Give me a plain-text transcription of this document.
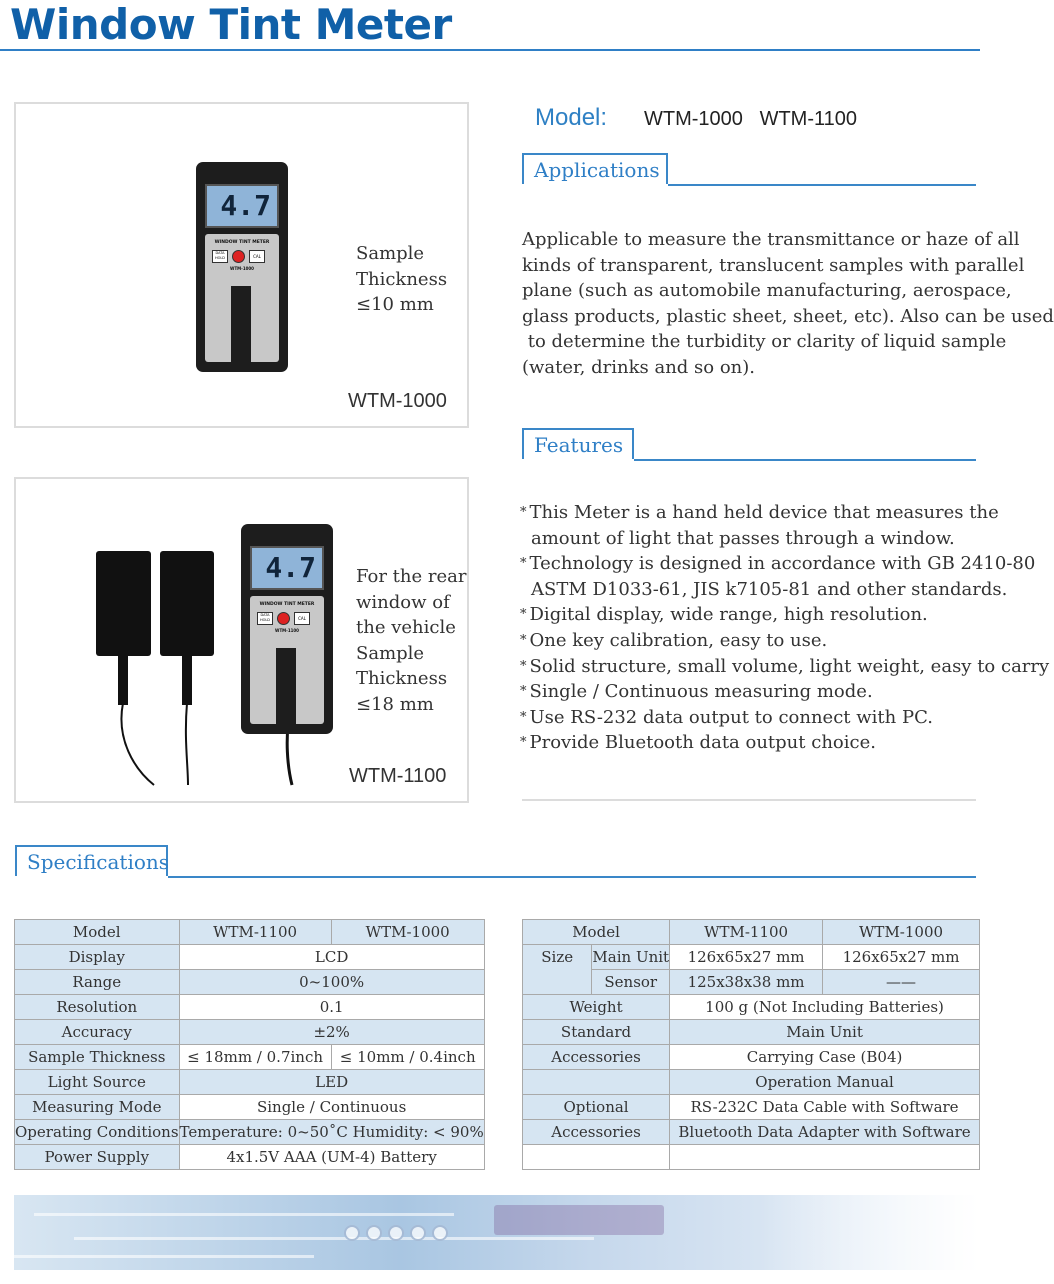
Window Tint Meter
4.7
WINDOW TINT METER
DATA HOLD	CAL
WTM-1000
Sample
Thickness
≤10 mm
WTM-1000
4.7
WINDOW TINT METER
DATA HOLD	CAL
WTM-1100
For the rear
window of
the vehicle
Sample
Thickness
≤18 mm
WTM-1100
Model: WTM-1000   WTM-1100
Applications
Applicable to measure the transmittance or haze of all
kinds of transparent, translucent samples with parallel
plane (such as automobile manufacturing, aerospace,
glass products, plastic sheet, sheet, etc). Also can be used
to determine the turbidity or clarity of liquid sample
(water, drinks and so on).
Features
* This Meter is a hand held device that measures the
amount of light that passes through a window.
* Technology is designed in accordance with GB 2410-80
ASTM D1033-61, JIS k7105-81 and other standards.
* Digital display, wide range, high resolution.
* One key calibration, easy to use.
* Solid structure, small volume, light weight, easy to carry
* Single / Continuous measuring mode.
* Use RS-232 data output to connect with PC.
* Provide Bluetooth data output choice.
Specifications
Model	WTM-1100	WTM-1000
Display	LCD	
Range	0~100%	
Resolution	0.1	
Accuracy	±2%	
Sample Thickness	≤ 18mm / 0.7inch	≤ 10mm / 0.4inch
Light Source	LED	
Measuring Mode	Single / Continuous	
Operating Conditions	Temperature: 0~50˚C Humidity: < 90%	
Power Supply	4x1.5V AAA (UM-4) Battery	
Model		WTM-1100	WTM-1000
Size	Main Unit	126x65x27 mm	126x65x27 mm
	Sensor	125x38x38 mm	——
Weight		100 g (Not Including Batteries)	
Standard		Main Unit	
Accessories		Carrying Case (B04)	
		Operation Manual	
Optional		RS-232C Data Cable with Software	
Accessories		Bluetooth Data Adapter with Software	
